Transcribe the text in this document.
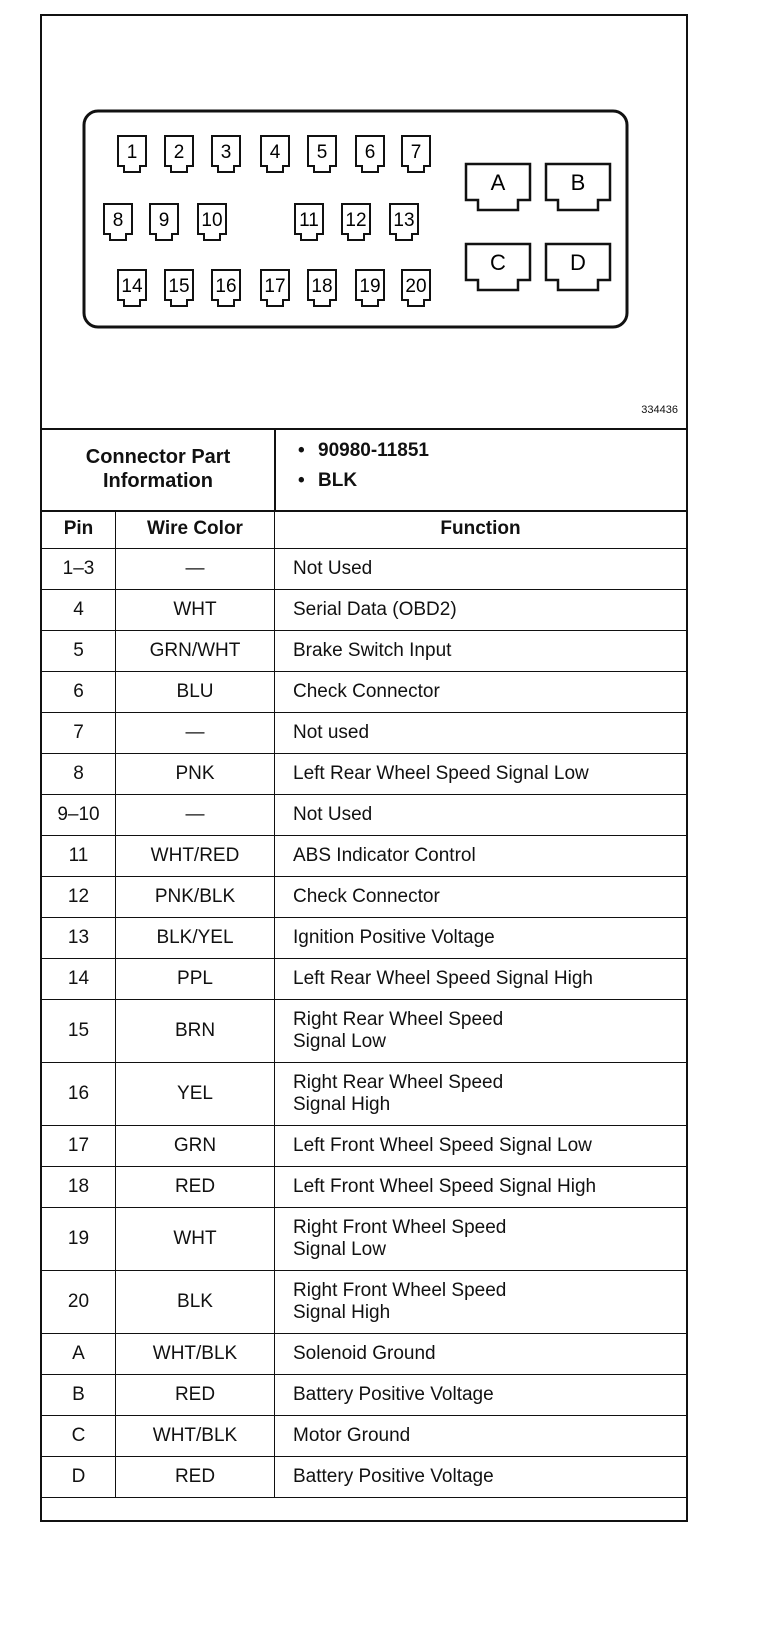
1 2 3 4 5 6 7
8 9 10	11 12 13
14 15 16 17 18 19 20
A	B
C	D
334436
Connector Part
Information
• 90980-11851
• BLK
Pin	Wire Color	Function
1–3	—	Not Used

4	WHT	Serial Data (OBD2)

5	GRN/WHT	Brake Switch Input

6	BLU	Check Connector

7	—	Not used

8	PNK	Left Rear Wheel Speed Signal Low

9–10	—	Not Used

11	WHT/RED	ABS Indicator Control

12	PNK/BLK	Check Connector

13	BLK/YEL	Ignition Positive Voltage

14	PPL	Left Rear Wheel Speed Signal High

15	BRN	Right Rear Wheel Speed
Signal Low

16	YEL	Right Rear Wheel Speed
Signal High

17	GRN	Left Front Wheel Speed Signal Low

18	RED	Left Front Wheel Speed Signal High

19	WHT	Right Front Wheel Speed
Signal Low

20	BLK	Right Front Wheel Speed
Signal High

A	WHT/BLK	Solenoid Ground

B	RED	Battery Positive Voltage

C	WHT/BLK	Motor Ground

D	RED	Battery Positive Voltage
